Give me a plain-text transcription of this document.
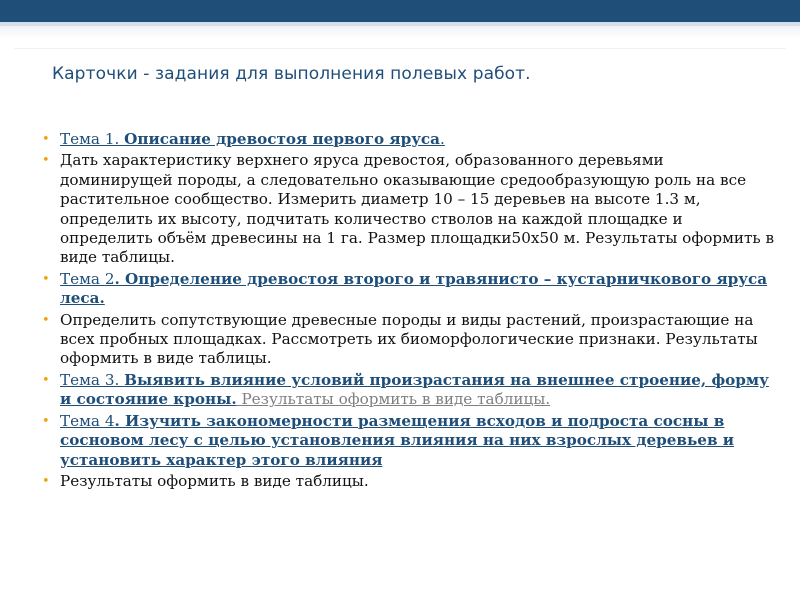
Карточки - задания для выполнения полевых работ.
• Тема 1. Описание древостоя первого яруса.
• Дать характеристику верхнего яруса древостоя, образованного деревьями доминирущей породы, а следовательно оказывающие средообразующую роль на все растительное сообщество. Измерить диаметр 10 – 15 деревьев на высоте 1.3 м, определить их высоту, подчитать количество стволов на каждой площадке и определить объём древесины на 1 га. Размер площадки50х50 м. Результаты оформить в виде таблицы.
• Тема 2. Определение древостоя второго и травянисто – кустарничкового яруса леса.
• Определить сопутствующие древесные породы и виды растений, произрастающие на всех пробных площадках. Рассмотреть их биоморфологические признаки. Результаты оформить в виде таблицы.
• Тема 3. Выявить влияние условий произрастания на внешнее строение, форму и состояние кроны. Результаты оформить в виде таблицы.
• Тема 4. Изучить закономерности размещения всходов и подроста сосны в сосновом лесу с целью установления влияния на них взрослых деревьев и установить характер этого влияния
• Результаты оформить в виде таблицы.
